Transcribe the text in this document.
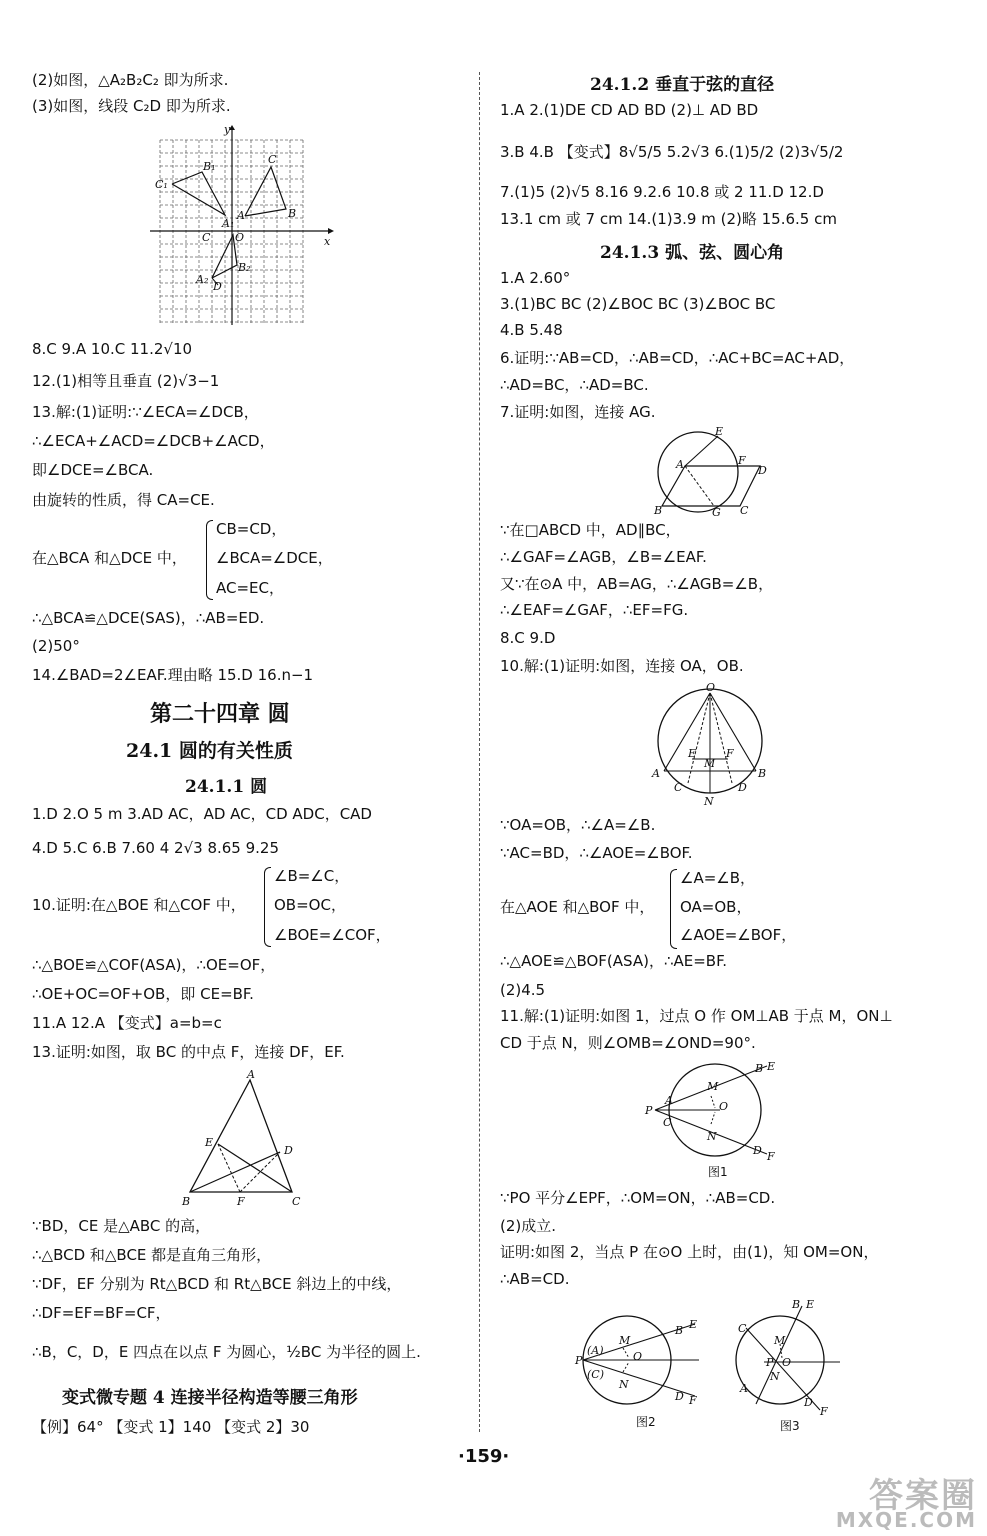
(2)如图，△A₂B₂C₂ 即为所求.
(3)如图，线段 C₂D 即为所求.
x
y
C₁
B₁
C
B
A
A₁
C O
B₂
A₂
D
8.C 9.A 10.C 11.2√10
12.(1)相等且垂直 (2)√3−1
13.解:(1)证明:∵∠ECA=∠DCB，
∴∠ECA+∠ACD=∠DCB+∠ACD，
即∠DCE=∠BCA.
由旋转的性质，得 CA=CE.
在△BCA 和△DCE 中，
CB=CD，
∠BCA=∠DCE，
AC=EC，
∴△BCA≌△DCE(SAS)，∴AB=ED.
(2)50°
14.∠BAD=2∠EAF.理由略 15.D 16.n−1
第二十四章 圆
24.1 圆的有关性质
24.1.1 圆
1.D 2.O 5 m 3.AD AC，AD AC，CD ADC，CAD
4.D 5.C 6.B 7.60 4 2√3 8.65 9.25
10.证明:在△BOE 和△COF 中，
∠B=∠C，
OB=OC，
∠BOE=∠COF，
∴△BOE≌△COF(ASA)，∴OE=OF，
∴OE+OC=OF+OB，即 CE=BF.
11.A 12.A 【变式】a=b=c
13.证明:如图，取 BC 的中点 F，连接 DF，EF.
A
B	C
D
E
F
∵BD，CE 是△ABC 的高，
∴△BCD 和△BCE 都是直角三角形，
∵DF，EF 分别为 Rt△BCD 和 Rt△BCE 斜边上的中线，
∴DF=EF=BF=CF，
∴B，C，D，E 四点在以点 F 为圆心，½BC 为半径的圆上.
变式微专题 4 连接半径构造等腰三角形
【例】64° 【变式 1】140 【变式 2】30
24.1.2 垂直于弦的直径
1.A 2.(1)DE CD AD BD (2)⊥ AD BD
3.B 4.B 【变式】8√5/5 5.2√3 6.(1)5/2 (2)3√5/2
7.(1)5 (2)√5 8.16 9.2.6 10.8 或 2 11.D 12.D
13.1 cm 或 7 cm 14.(1)3.9 m (2)略 15.6.5 cm
24.1.3 弧、弦、圆心角
1.A 2.60°
3.(1)BC BC (2)∠BOC BC (3)∠BOC BC
4.B 5.48
6.证明:∵AB=CD，∴AB=CD，∴AC+BC=AC+AD，
∴AD=BC，∴AD=BC.
7.证明:如图，连接 AG.
E
A	F
D
B	G C
∵在□ABCD 中，AD∥BC，
∴∠GAF=∠AGB，∠B=∠EAF.
又∵在⊙A 中，AB=AG，∴∠AGB=∠B，
∴∠EAF=∠GAF，∴EF=FG.
8.C 9.D
10.解:(1)证明:如图，连接 OA，OB.
O
A	B
C	D
E	F
M
N
∵OA=OB，∴∠A=∠B.
∵AC=BD，∴∠AOE=∠BOF.
在△AOE 和△BOF 中，
∠A=∠B，
OA=OB，
∠AOE=∠BOF，
∴△AOE≌△BOF(ASA)，∴AE=BF.
(2)4.5
11.解:(1)证明:如图 1，过点 O 作 OM⊥AB 于点 M，ON⊥
CD 于点 N，则∠OMB=∠OND=90°.
P
A
C
M
O
N
E
B
F
D
图1
∵PO 平分∠EPF，∴OM=ON，∴AB=CD.
(2)成立.
证明:如图 2，当点 P 在⊙O 上时，由(1)，知 OM=ON，
∴AB=CD.
P
(A)
(C)
M
O
N
B E
D F
图2
B E
C
M
P O
N
A
D
F
图3
·159·
答案圈
MXQE.COM
